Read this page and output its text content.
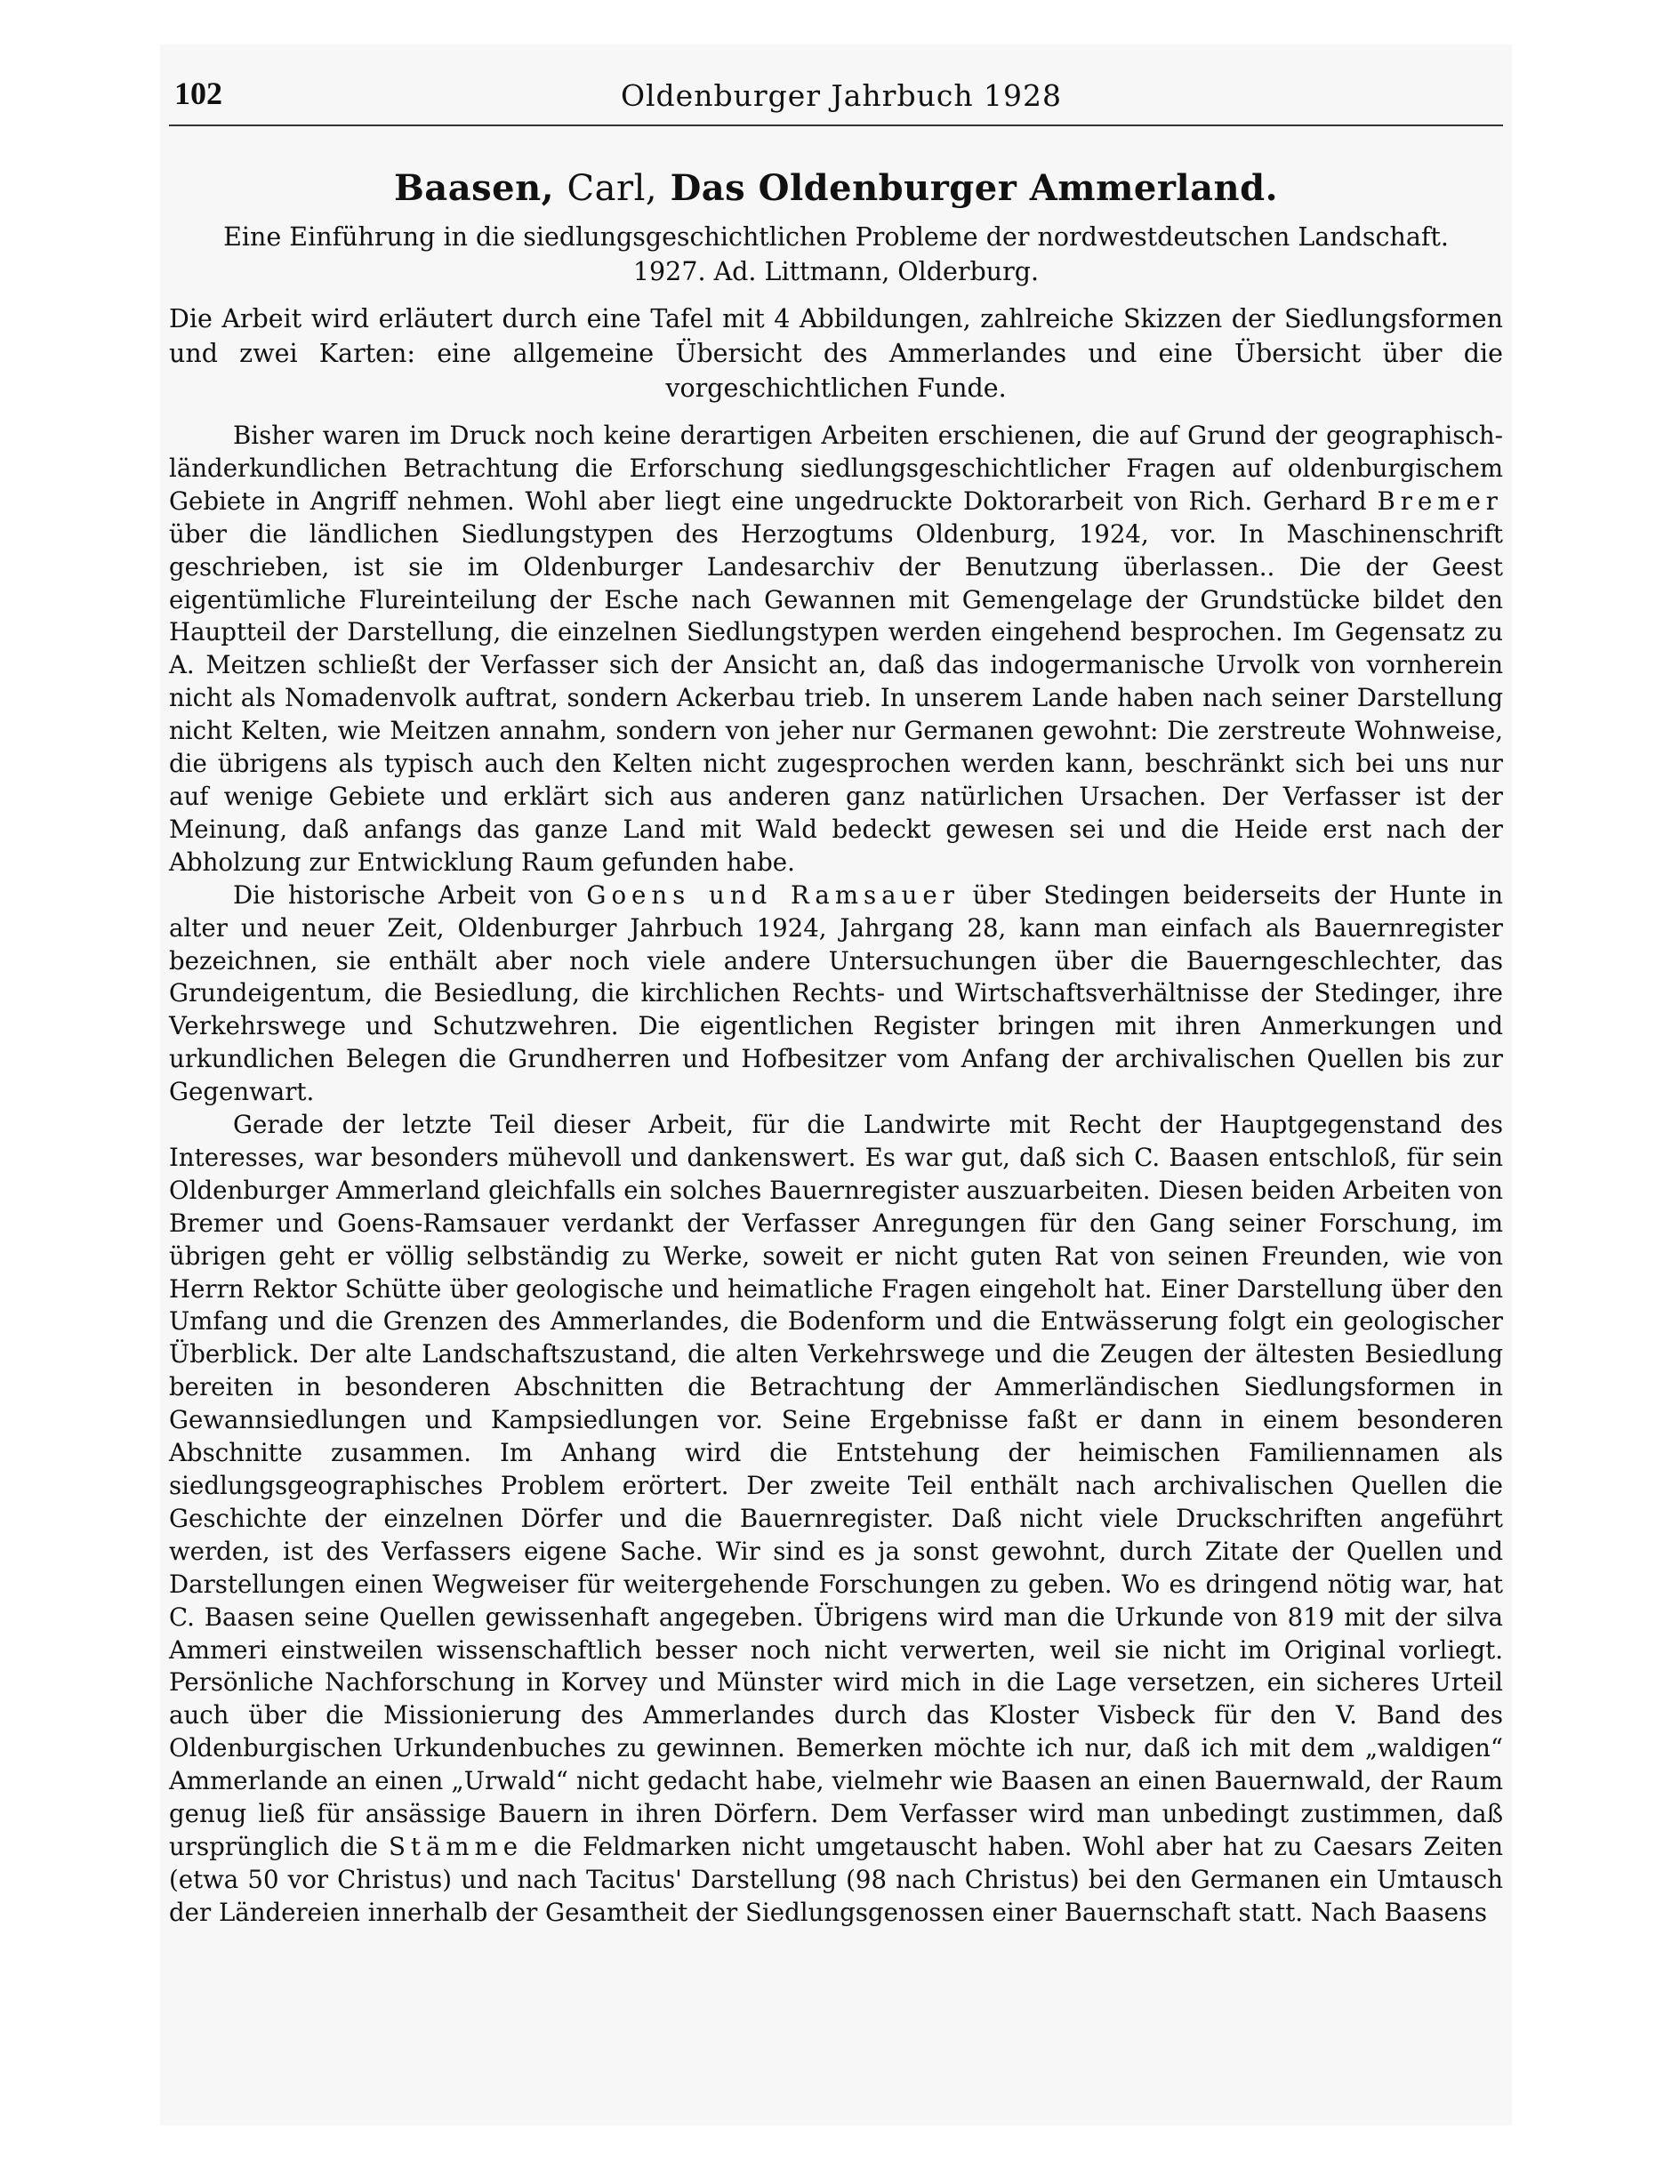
102	Oldenburger Jahrbuch 1928
Baasen, Carl, Das Oldenburger Ammerland.
Eine Einführung in die siedlungsgeschichtlichen Probleme der nordwestdeutschen Landschaft. 1927. Ad. Littmann, Olderburg.
Die Arbeit wird erläutert durch eine Tafel mit 4 Abbildungen, zahlreiche Skizzen der Siedlungsformen und zwei Karten: eine allgemeine Übersicht des Ammerlandes und eine Übersicht über die vorgeschichtlichen Funde.

Bisher waren im Druck noch keine derartigen Arbeiten erschienen, die auf Grund der geographisch-länderkundlichen Betrachtung die Erforschung siedlungsgeschichtlicher Fragen auf oldenburgischem Gebiete in Angriff nehmen. Wohl aber liegt eine ungedruckte Doktorarbeit von Rich. Gerhard Bremer über die ländlichen Siedlungstypen des Herzogtums Oldenburg, 1924, vor. In Maschinenschrift geschrieben, ist sie im Oldenburger Landesarchiv der Benutzung überlassen.. Die der Geest eigentümliche Flureinteilung der Esche nach Gewannen mit Gemengelage der Grundstücke bildet den Hauptteil der Darstellung, die einzelnen Siedlungstypen werden eingehend besprochen. Im Gegensatz zu A. Meitzen schließt der Verfasser sich der Ansicht an, daß das indogermanische Urvolk von vornherein nicht als Nomadenvolk auftrat, sondern Ackerbau trieb. In unserem Lande haben nach seiner Darstellung nicht Kelten, wie Meitzen annahm, sondern von jeher nur Germanen gewohnt: Die zerstreute Wohnweise, die übrigens als typisch auch den Kelten nicht zugesprochen werden kann, beschränkt sich bei uns nur auf wenige Gebiete und erklärt sich aus anderen ganz natürlichen Ursachen. Der Verfasser ist der Meinung, daß anfangs das ganze Land mit Wald bedeckt gewesen sei und die Heide erst nach der Abholzung zur Entwicklung Raum gefunden habe.

Die historische Arbeit von Goens und Ramsauer über Stedingen beiderseits der Hunte in alter und neuer Zeit, Oldenburger Jahrbuch 1924, Jahrgang 28, kann man einfach als Bauernregister bezeichnen, sie enthält aber noch viele andere Untersuchungen über die Bauerngeschlechter, das Grundeigentum, die Besiedlung, die kirchlichen Rechts- und Wirtschaftsverhältnisse der Stedinger, ihre Verkehrswege und Schutzwehren. Die eigentlichen Register bringen mit ihren Anmerkungen und urkundlichen Belegen die Grundherren und Hofbesitzer vom Anfang der archivalischen Quellen bis zur Gegenwart.

Gerade der letzte Teil dieser Arbeit, für die Landwirte mit Recht der Hauptgegenstand des Interesses, war besonders mühevoll und dankenswert. Es war gut, daß sich C. Baasen entschloß, für sein Oldenburger Ammerland gleichfalls ein solches Bauernregister auszuarbeiten. Diesen beiden Arbeiten von Bremer und Goens-Ramsauer verdankt der Verfasser Anregungen für den Gang seiner Forschung, im übrigen geht er völlig selbständig zu Werke, soweit er nicht guten Rat von seinen Freunden, wie von Herrn Rektor Schütte über geologische und heimatliche Fragen eingeholt hat. Einer Darstellung über den Umfang und die Grenzen des Ammerlandes, die Bodenform und die Entwässerung folgt ein geologischer Überblick. Der alte Landschaftszustand, die alten Verkehrswege und die Zeugen der ältesten Besiedlung bereiten in besonderen Abschnitten die Betrachtung der Ammerländischen Siedlungsformen in Gewannsiedlungen und Kampsiedlungen vor. Seine Ergebnisse faßt er dann in einem besonderen Abschnitte zusammen. Im Anhang wird die Entstehung der heimischen Familiennamen als siedlungsgeographisches Problem erörtert. Der zweite Teil enthält nach archivalischen Quellen die Geschichte der einzelnen Dörfer und die Bauernregister. Daß nicht viele Druckschriften angeführt werden, ist des Verfassers eigene Sache. Wir sind es ja sonst gewohnt, durch Zitate der Quellen und Darstellungen einen Wegweiser für weitergehende Forschungen zu geben. Wo es dringend nötig war, hat C. Baasen seine Quellen gewissenhaft angegeben. Übrigens wird man die Urkunde von 819 mit der silva Ammeri einstweilen wissenschaftlich besser noch nicht verwerten, weil sie nicht im Original vorliegt. Persönliche Nachforschung in Korvey und Münster wird mich in die Lage versetzen, ein sicheres Urteil auch über die Missionierung des Ammerlandes durch das Kloster Visbeck für den V. Band des Oldenburgischen Urkundenbuches zu gewinnen. Bemerken möchte ich nur, daß ich mit dem „waldigen“ Ammerlande an einen „Urwald“ nicht gedacht habe, vielmehr wie Baasen an einen Bauernwald, der Raum genug ließ für ansässige Bauern in ihren Dörfern. Dem Verfasser wird man unbedingt zustimmen, daß ursprünglich die Stämme die Feldmarken nicht umgetauscht haben. Wohl aber hat zu Caesars Zeiten (etwa 50 vor Christus) und nach Tacitus' Darstellung (98 nach Christus) bei den Germanen ein Umtausch der Ländereien innerhalb der Gesamtheit der Siedlungsgenossen einer Bauernschaft statt. Nach Baasens
